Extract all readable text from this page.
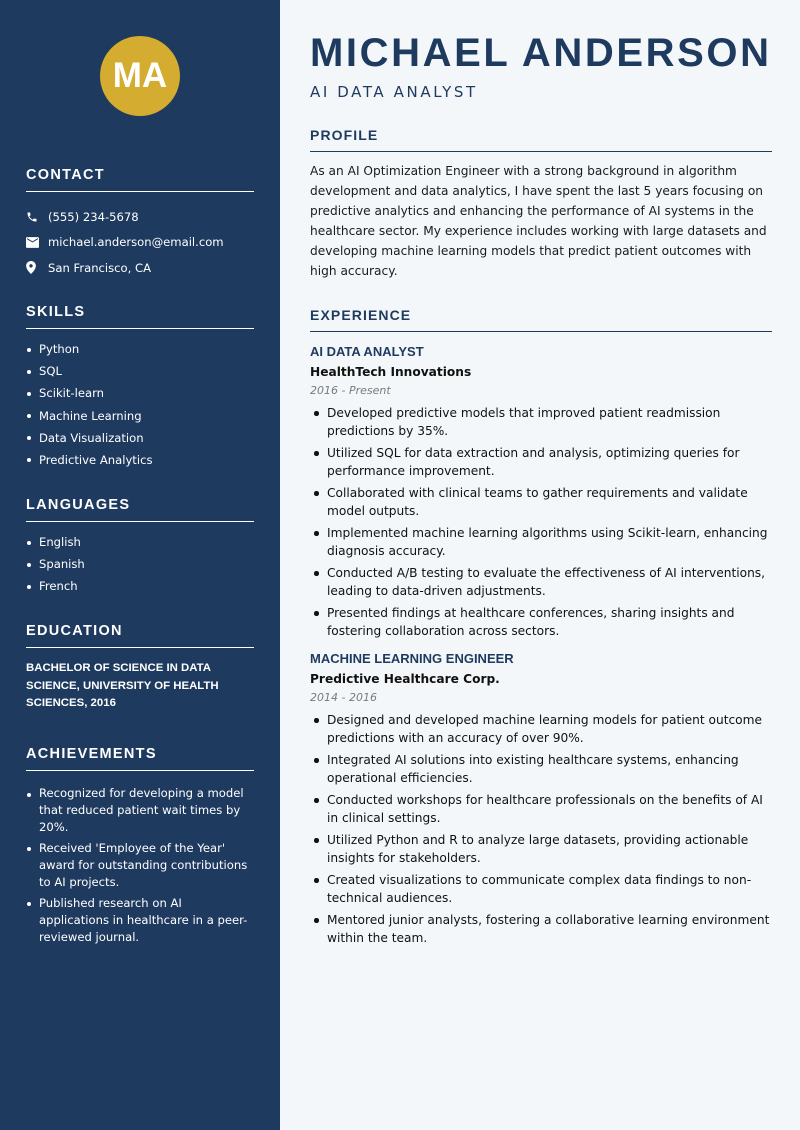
MA
CONTACT
(555) 234-5678
michael.anderson@email.com
San Francisco, CA
SKILLS
Python
SQL
Scikit-learn
Machine Learning
Data Visualization
Predictive Analytics
LANGUAGES
English
Spanish
French
EDUCATION

BACHELOR OF SCIENCE IN DATA SCIENCE, UNIVERSITY OF HEALTH SCIENCES, 2016

ACHIEVEMENTS
Recognized for developing a model that reduced patient wait times by 20%.
Received 'Employee of the Year' award for outstanding contributions to AI projects.
Published research on AI applications in healthcare in a peer-reviewed journal.
MICHAEL ANDERSON
AI DATA ANALYST
PROFILE

As an AI Optimization Engineer with a strong background in algorithm development and data analytics, I have spent the last 5 years focusing on predictive analytics and enhancing the performance of AI systems in the healthcare sector. My experience includes working with large datasets and developing machine learning models that predict patient outcomes with high accuracy.

EXPERIENCE
AI DATA ANALYST
HealthTech Innovations
2016 - Present
Developed predictive models that improved patient readmission predictions by 35%.
Utilized SQL for data extraction and analysis, optimizing queries for performance improvement.
Collaborated with clinical teams to gather requirements and validate model outputs.
Implemented machine learning algorithms using Scikit-learn, enhancing diagnosis accuracy.
Conducted A/B testing to evaluate the effectiveness of AI interventions, leading to data-driven adjustments.
Presented findings at healthcare conferences, sharing insights and fostering collaboration across sectors.
MACHINE LEARNING ENGINEER
Predictive Healthcare Corp.
2014 - 2016
Designed and developed machine learning models for patient outcome predictions with an accuracy of over 90%.
Integrated AI solutions into existing healthcare systems, enhancing operational efficiencies.
Conducted workshops for healthcare professionals on the benefits of AI in clinical settings.
Utilized Python and R to analyze large datasets, providing actionable insights for stakeholders.
Created visualizations to communicate complex data findings to non-technical audiences.
Mentored junior analysts, fostering a collaborative learning environment within the team.
